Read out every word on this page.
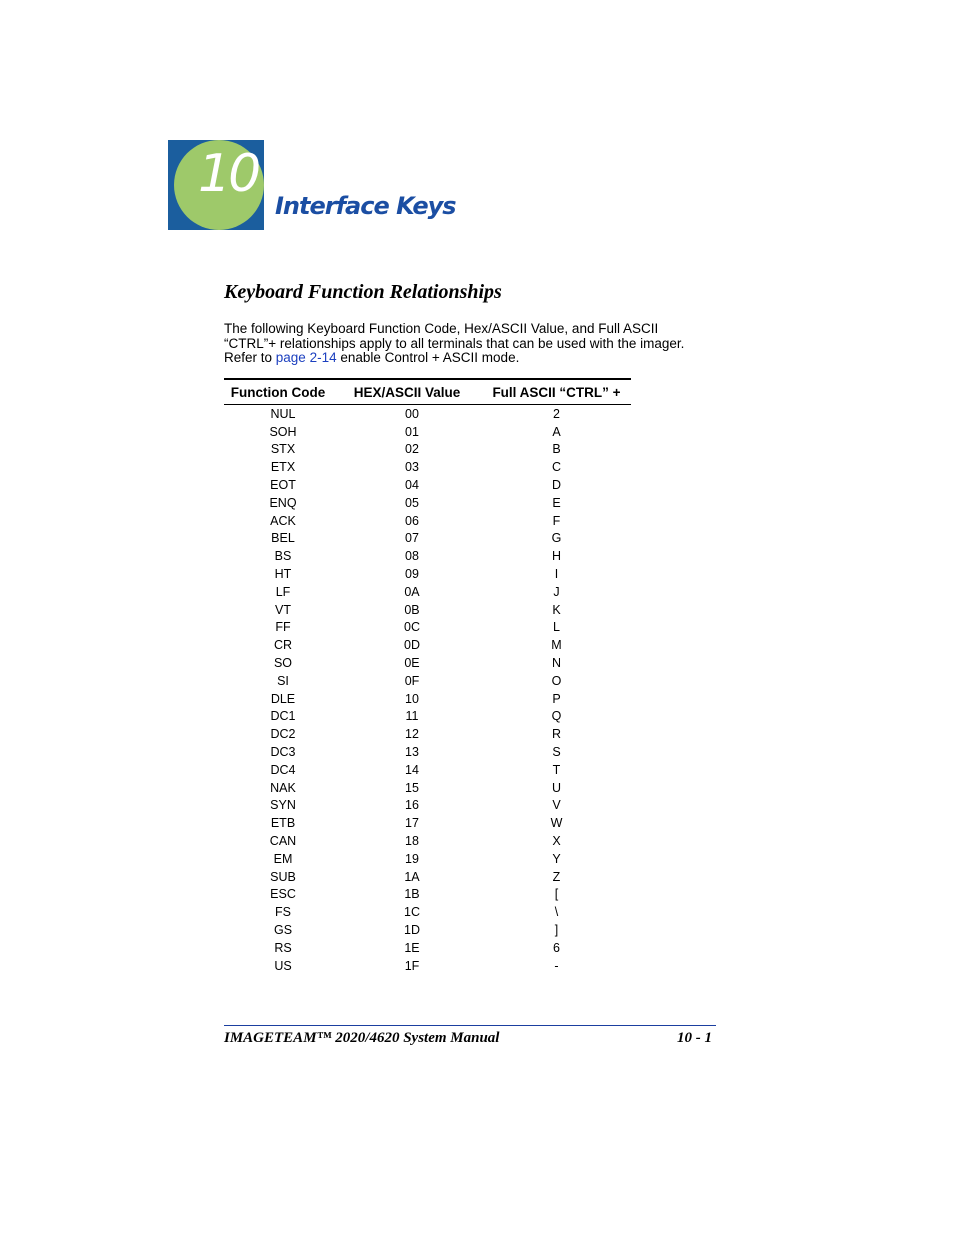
10
Interface Keys
Keyboard Function Relationships
The following Keyboard Function Code, Hex/ASCII Value, and Full ASCII
“CTRL”+ relationships apply to all terminals that can be used with the imager.
Refer to page 2-14 enable Control + ASCII mode.
Function Code	HEX/ASCII Value	Full ASCII “CTRL” +
NUL	00	2
SOH	01	A
STX	02	B
ETX	03	C
EOT	04	D
ENQ	05	E
ACK	06	F
BEL	07	G
BS	08	H
HT	09	I
LF	0A	J
VT	0B	K
FF	0C	L
CR	0D	M
SO	0E	N
SI	0F	O
DLE	10	P
DC1	11	Q
DC2	12	R
DC3	13	S
DC4	14	T
NAK	15	U
SYN	16	V
ETB	17	W
CAN	18	X
EM	19	Y
SUB	1A	Z
ESC	1B	[
FS	1C	\
GS	1D	]
RS	1E	6
US	1F	-
IMAGETEAM™ 2020/4620 System Manual	10 - 1
